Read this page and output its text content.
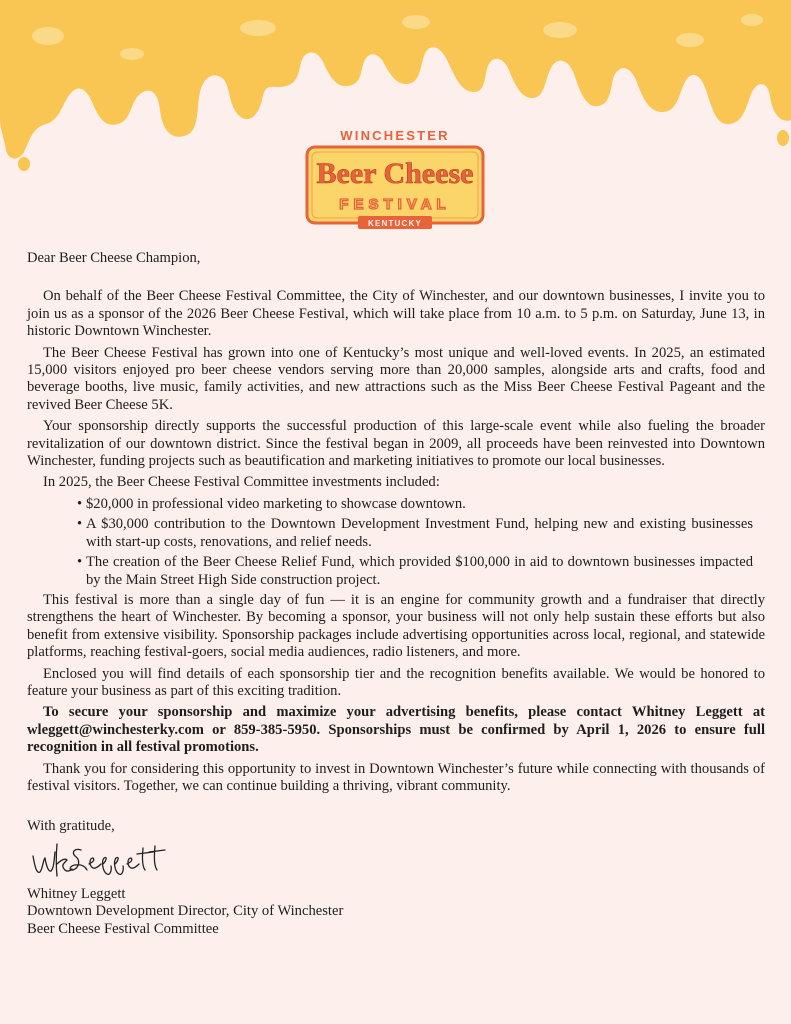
WINCHESTER
Beer Cheese
FESTIVAL
KENTUCKY

Dear Beer Cheese Champion,

On behalf of the Beer Cheese Festival Committee, the City of Winchester, and our downtown businesses, I invite you to join us as a sponsor of the 2026 Beer Cheese Festival, which will take place from 10 a.m. to 5 p.m. on Saturday, June 13, in historic Downtown Winchester.

The Beer Cheese Festival has grown into one of Kentucky’s most unique and well-loved events. In 2025, an estimated 15,000 visitors enjoyed pro beer cheese vendors serving more than 20,000 samples, alongside arts and crafts, food and beverage booths, live music, family activities, and new attractions such as the Miss Beer Cheese Festival Pageant and the revived Beer Cheese 5K.

Your sponsorship directly supports the successful production of this large-scale event while also fueling the broader revitalization of our downtown district. Since the festival began in 2009, all proceeds have been reinvested into Downtown Winchester, funding projects such as beautification and marketing initiatives to promote our local businesses.

In 2025, the Beer Cheese Festival Committee investments included:

• $20,000 in professional video marketing to showcase downtown.
• A $30,000 contribution to the Downtown Development Investment Fund, helping new and existing businesses with start-up costs, renovations, and relief needs.
• The creation of the Beer Cheese Relief Fund, which provided $100,000 in aid to downtown businesses impacted by the Main Street High Side construction project.

This festival is more than a single day of fun — it is an engine for community growth and a fundraiser that directly strengthens the heart of Winchester. By becoming a sponsor, your business will not only help sustain these efforts but also benefit from extensive visibility. Sponsorship packages include advertising opportunities across local, regional, and statewide platforms, reaching festival-goers, social media audiences, radio listeners, and more.

Enclosed you will find details of each sponsorship tier and the recognition benefits available. We would be honored to feature your business as part of this exciting tradition.

To secure your sponsorship and maximize your advertising benefits, please contact Whitney Leggett at wleggett@winchesterky.com or 859-385-5950. Sponsorships must be confirmed by April 1, 2026 to ensure full recognition in all festival promotions.

Thank you for considering this opportunity to invest in Downtown Winchester’s future while connecting with thousands of festival visitors. Together, we can continue building a thriving, vibrant community.

With gratitude,

Whitney Leggett
Downtown Development Director, City of Winchester
Beer Cheese Festival Committee
